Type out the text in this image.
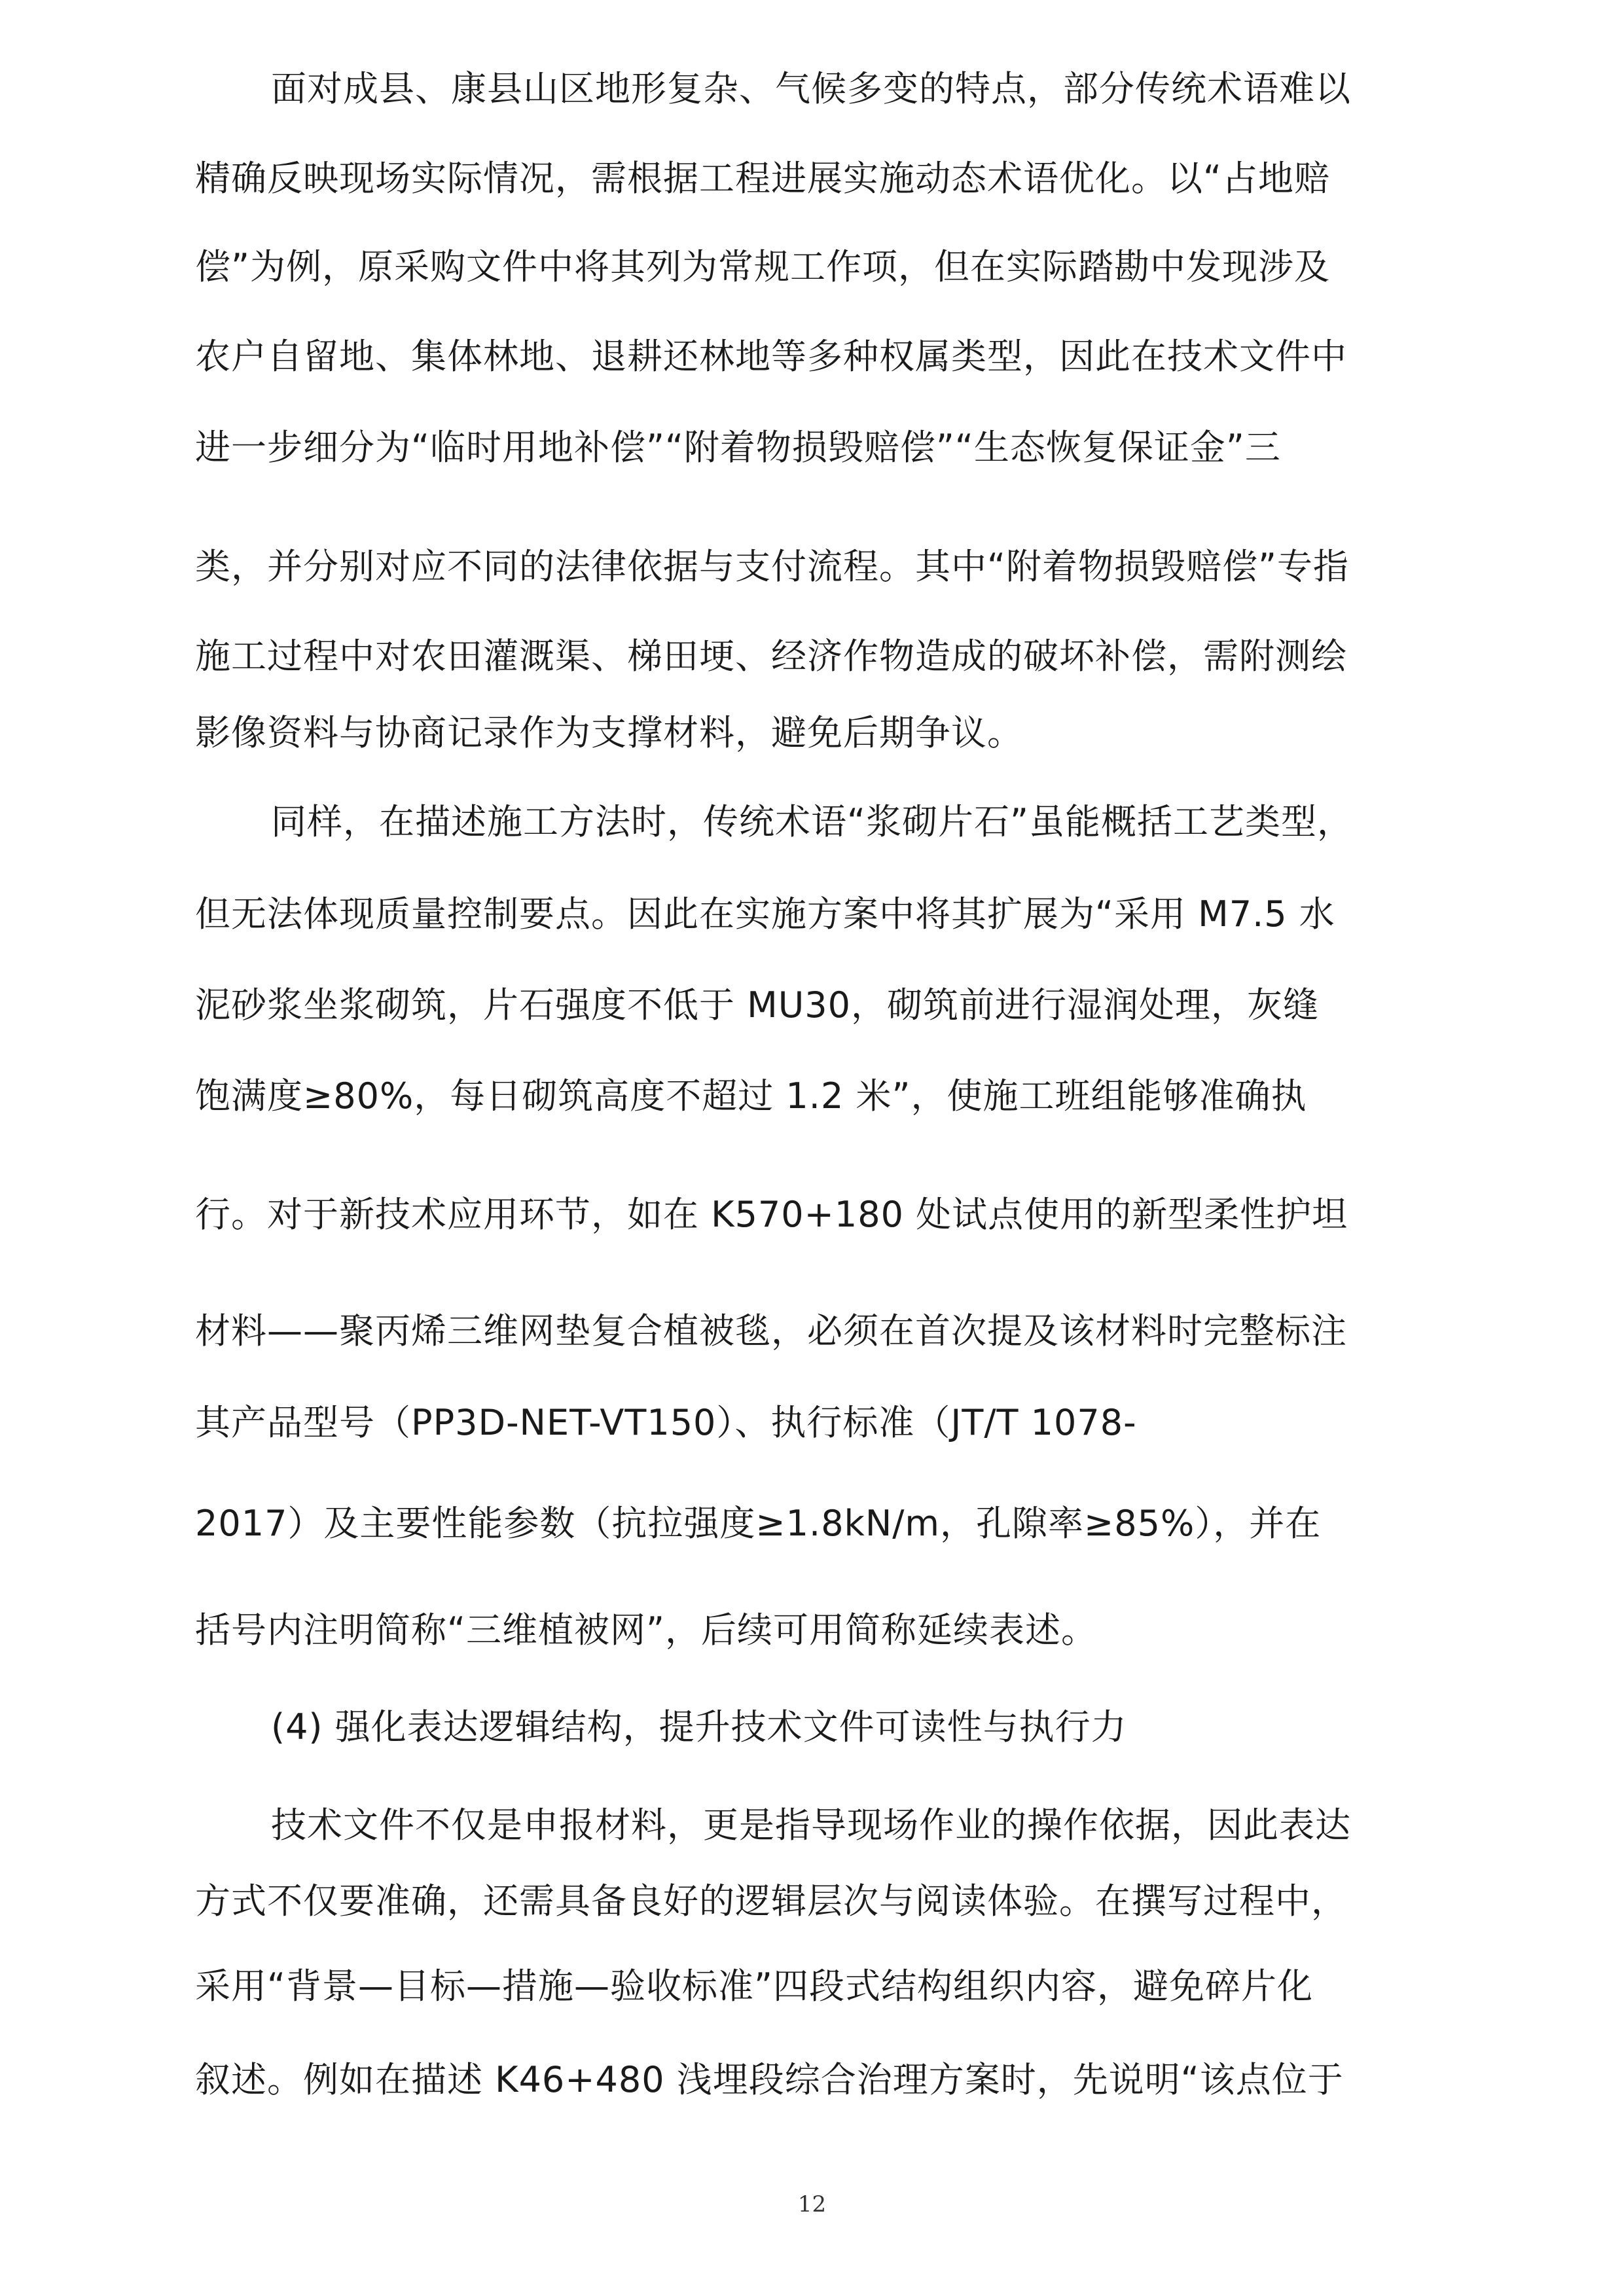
面对成县、康县山区地形复杂、气候多变的特点，部分传统术语难以
精确反映现场实际情况，需根据工程进展实施动态术语优化。以“占地赔
偿”为例，原采购文件中将其列为常规工作项，但在实际踏勘中发现涉及
农户自留地、集体林地、退耕还林地等多种权属类型，因此在技术文件中
进一步细分为“临时用地补偿”“附着物损毁赔偿”“生态恢复保证金”三
类，并分别对应不同的法律依据与支付流程。其中“附着物损毁赔偿”专指
施工过程中对农田灌溉渠、梯田埂、经济作物造成的破坏补偿，需附测绘
影像资料与协商记录作为支撑材料，避免后期争议。
同样，在描述施工方法时，传统术语“浆砌片石”虽能概括工艺类型，
但无法体现质量控制要点。因此在实施方案中将其扩展为“采用 M7.5 水
泥砂浆坐浆砌筑，片石强度不低于 MU30，砌筑前进行湿润处理，灰缝
饱满度≥80%，每日砌筑高度不超过 1.2 米”，使施工班组能够准确执
行。对于新技术应用环节，如在 K570+180 处试点使用的新型柔性护坦
材料——聚丙烯三维网垫复合植被毯，必须在首次提及该材料时完整标注
其产品型号（PP3D-NET-VT150）、执行标准（JT/T 1078-
2017）及主要性能参数（抗拉强度≥1.8kN/m，孔隙率≥85%），并在
括号内注明简称“三维植被网”，后续可用简称延续表述。
(4) 强化表达逻辑结构，提升技术文件可读性与执行力
技术文件不仅是申报材料，更是指导现场作业的操作依据，因此表达
方式不仅要准确，还需具备良好的逻辑层次与阅读体验。在撰写过程中，
采用“背景—目标—措施—验收标准”四段式结构组织内容，避免碎片化
叙述。例如在描述 K46+480 浅埋段综合治理方案时，先说明“该点位于
12
